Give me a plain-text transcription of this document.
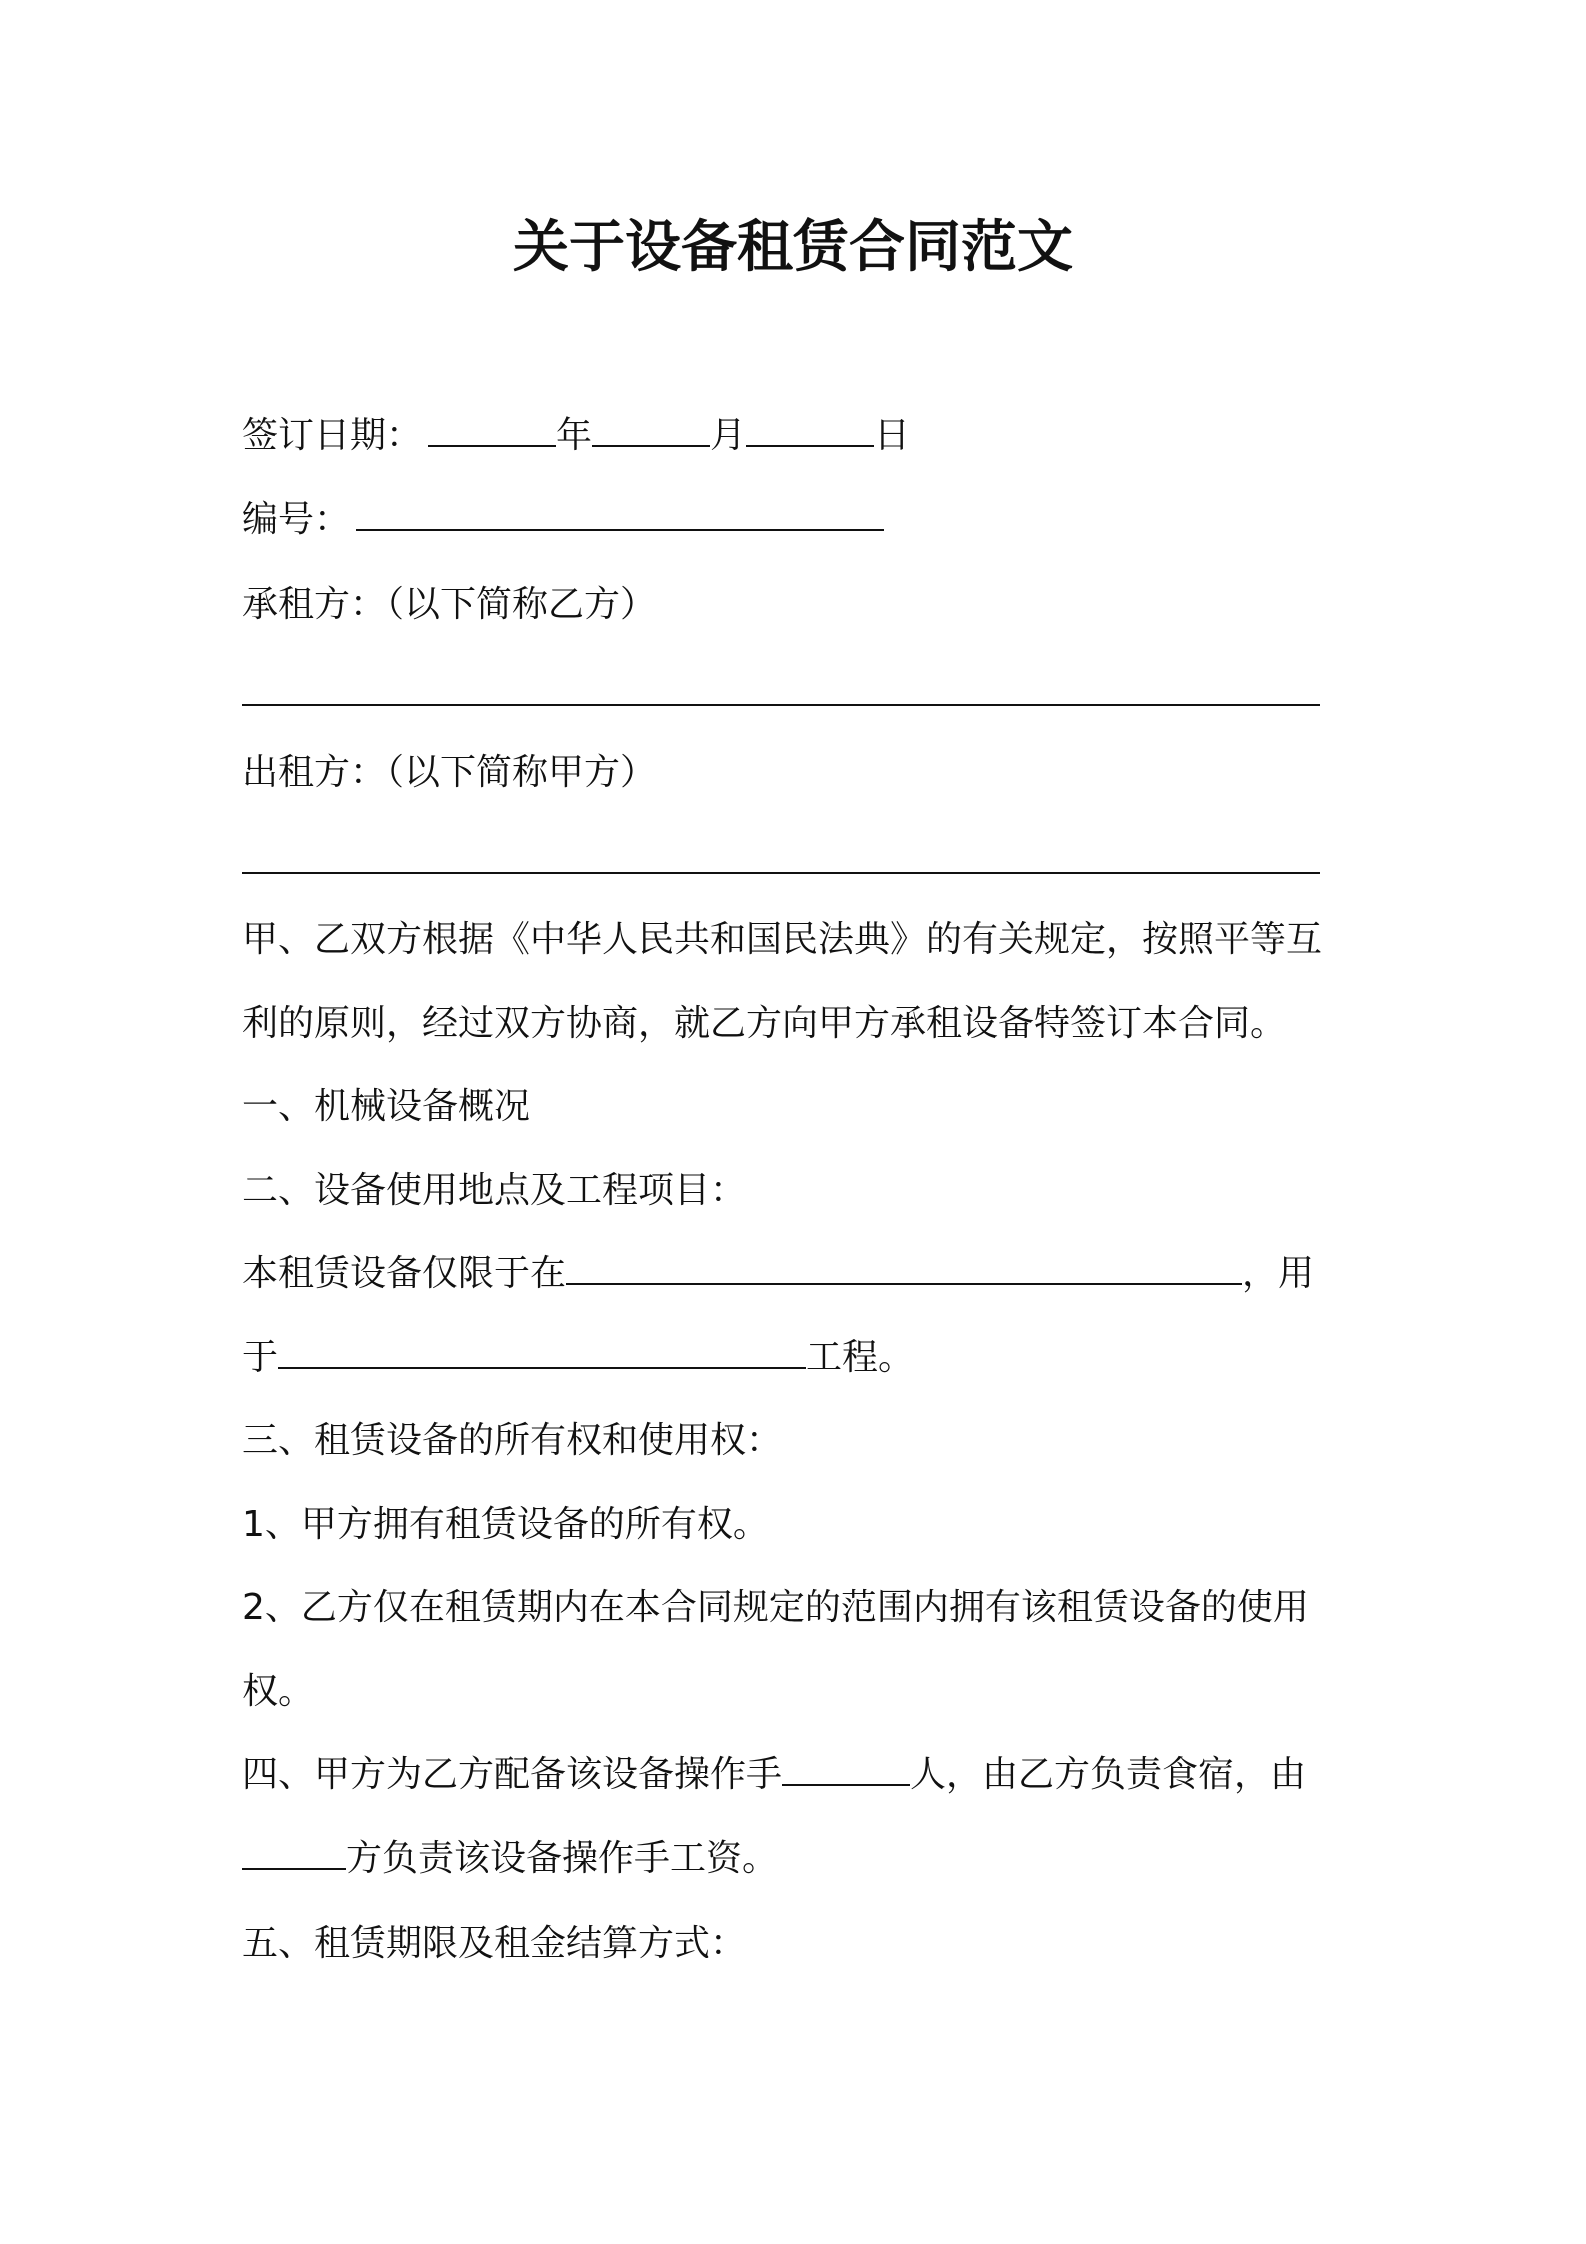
关于设备租赁合同范文
签订日期：	年	月	日
编号：
承租方：（以下简称乙方）
出租方：（以下简称甲方）
甲、乙双方根据《中华人民共和国民法典》的有关规定，按照平等互
利的原则，经过双方协商，就乙方向甲方承租设备特签订本合同。
一、机械设备概况
二、设备使用地点及工程项目：
本租赁设备仅限于在	，用
于	工程。
三、租赁设备的所有权和使用权：
1、甲方拥有租赁设备的所有权。
2、乙方仅在租赁期内在本合同规定的范围内拥有该租赁设备的使用
权。
四、甲方为乙方配备该设备操作手	人，由乙方负责食宿，由
方负责该设备操作手工资。
五、租赁期限及租金结算方式：
